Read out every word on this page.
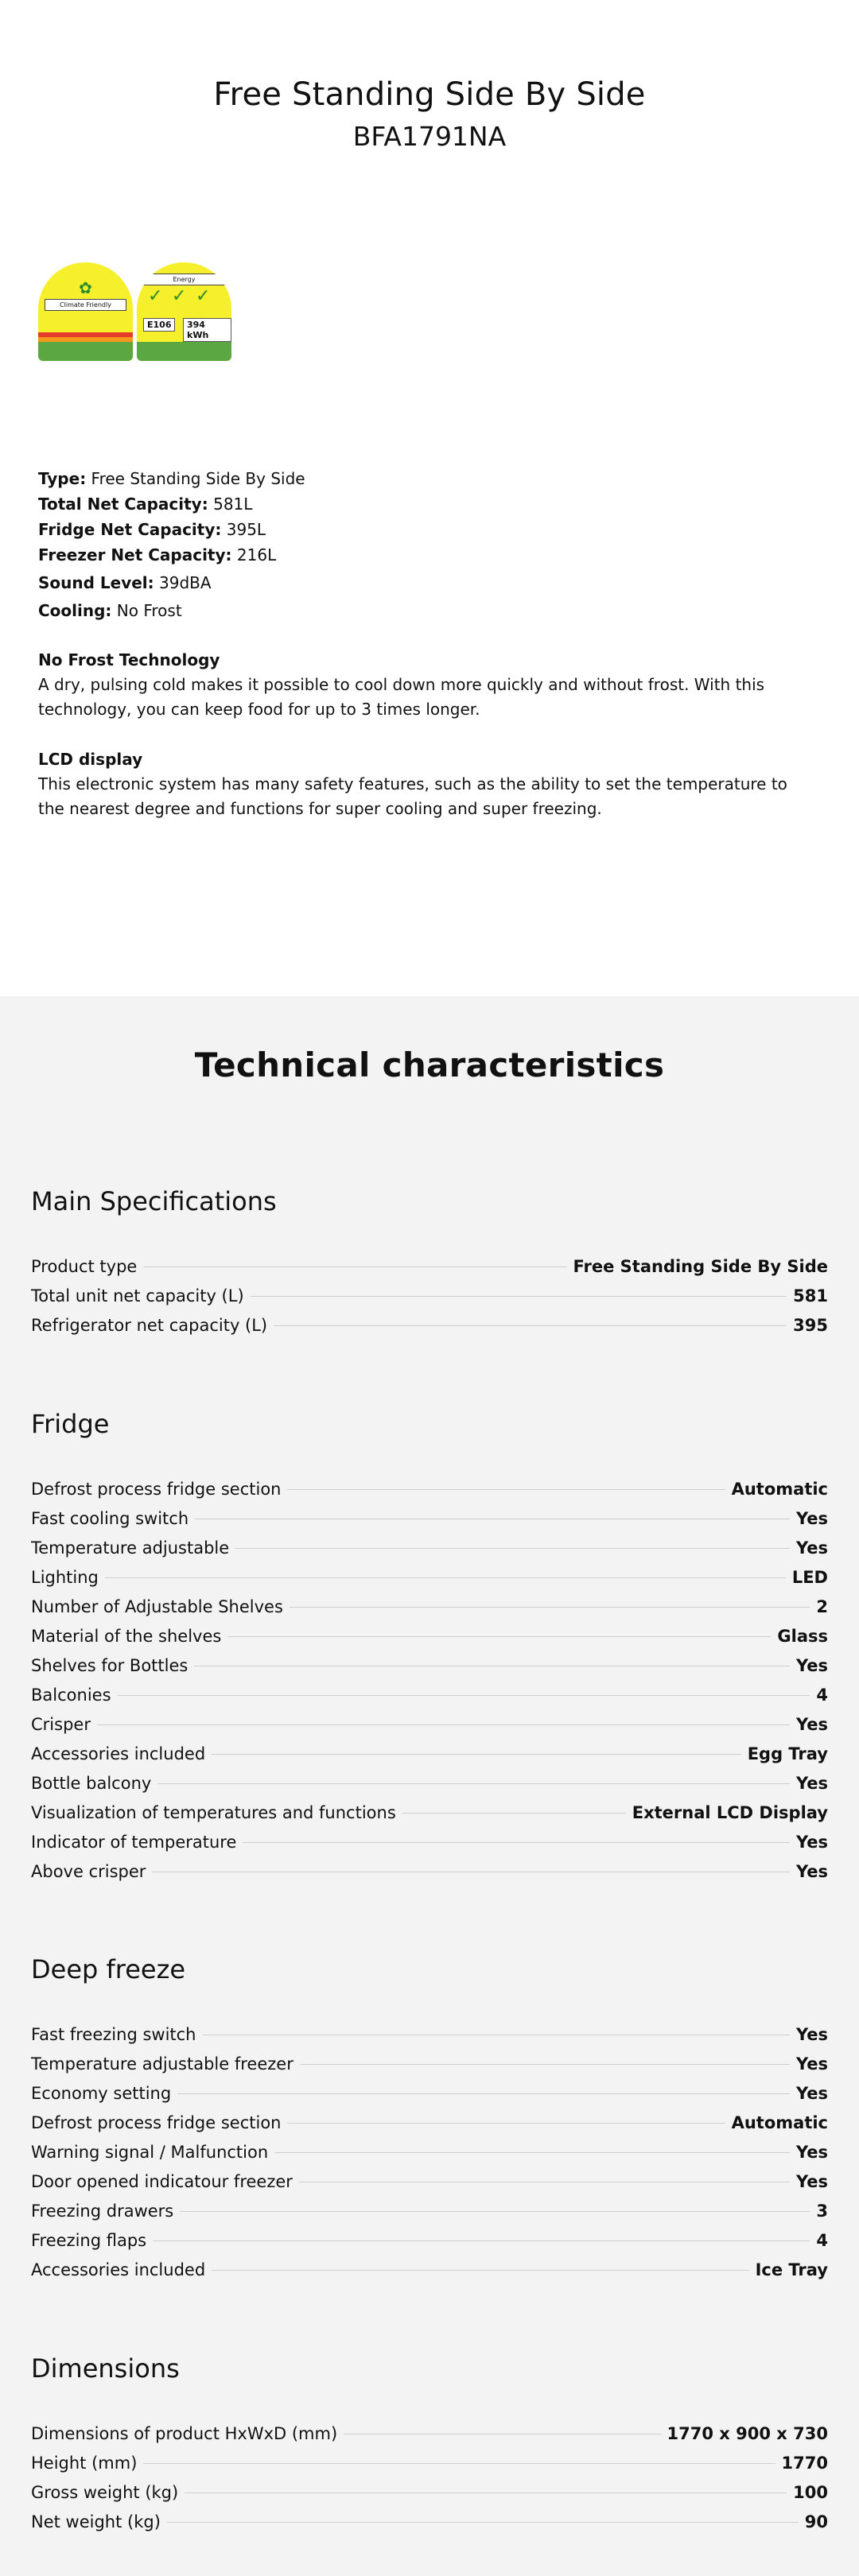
Free Standing Side By Side
BFA1791NA
Climate Friendly
✿	Energy
✓ ✓ ✓
E106	394 kWh
Type: Free Standing Side By Side
Total Net Capacity: 581L
Fridge Net Capacity: 395L
Freezer Net Capacity: 216L
Sound Level: 39dBA
Cooling: No Frost
No Frost Technology
A dry, pulsing cold makes it possible to cool down more quickly and without frost. With this technology, you can keep food for up to 3 times longer.
LCD display
This electronic system has many safety features, such as the ability to set the temperature to the nearest degree and functions for super cooling and super freezing.
Technical characteristics
Main Specifications
Product type	Free Standing Side By Side
Total unit net capacity (L)	581
Refrigerator net capacity (L)	395
Fridge
Defrost process fridge section	Automatic
Fast cooling switch	Yes
Temperature adjustable	Yes
Lighting	LED
Number of Adjustable Shelves	2
Material of the shelves	Glass
Shelves for Bottles	Yes
Balconies	4
Crisper	Yes
Accessories included	Egg Tray
Bottle balcony	Yes
Visualization of temperatures and functions	External LCD Display
Indicator of temperature	Yes
Above crisper	Yes
Deep freeze
Fast freezing switch	Yes
Temperature adjustable freezer	Yes
Economy setting	Yes
Defrost process fridge section	Automatic
Warning signal / Malfunction	Yes
Door opened indicatour freezer	Yes
Freezing drawers	3
Freezing flaps	4
Accessories included	Ice Tray
Dimensions
Dimensions of product HxWxD (mm)	1770 x 900 x 730
Height (mm)	1770
Gross weight (kg)	100
Net weight (kg)	90
